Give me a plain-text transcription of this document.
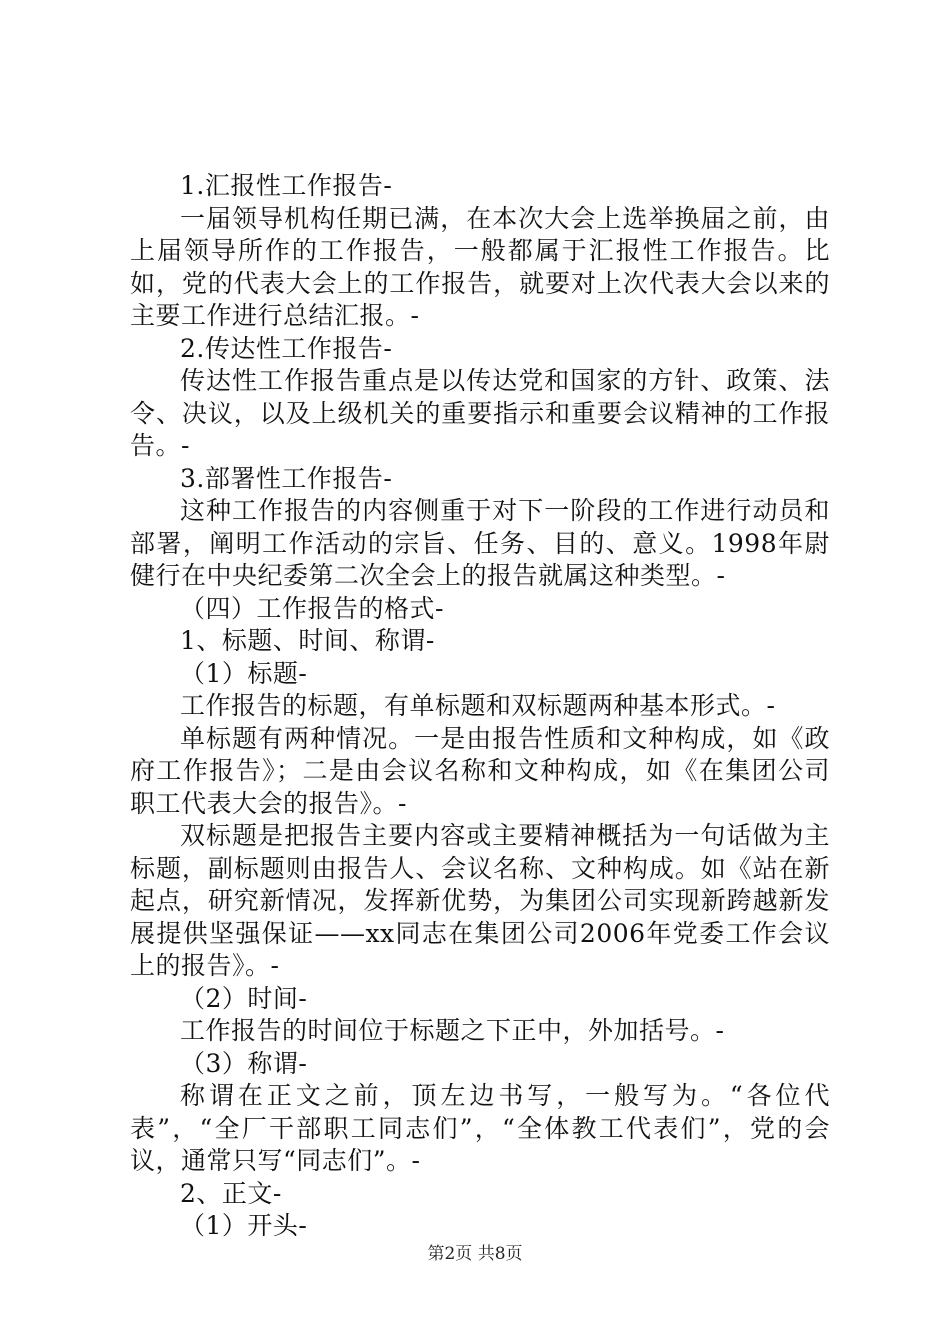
1.汇报性工作报告-

一届领导机构任期已满，在本次大会上选举换届之前，由上届领导所作的工作报告，一般都属于汇报性工作报告。比如，党的代表大会上的工作报告，就要对上次代表大会以来的主要工作进行总结汇报。-

2.传达性工作报告-

传达性工作报告重点是以传达党和国家的方针、政策、法令、决议，以及上级机关的重要指示和重要会议精神的工作报告。-

3.部署性工作报告-

这种工作报告的内容侧重于对下一阶段的工作进行动员和部署，阐明工作活动的宗旨、任务、目的、意义。1998年尉健行在中央纪委第二次全会上的报告就属这种类型。-

（四）工作报告的格式-

1、标题、时间、称谓-

（1）标题-

工作报告的标题，有单标题和双标题两种基本形式。-

单标题有两种情况。一是由报告性质和文种构成，如《政府工作报告》；二是由会议名称和文种构成，如《在集团公司职工代表大会的报告》。-

双标题是把报告主要内容或主要精神概括为一句话做为主标题，副标题则由报告人、会议名称、文种构成。如《站在新起点，研究新情况，发挥新优势，为集团公司实现新跨越新发展提供坚强保证——xx同志在集团公司2006年党委工作会议上的报告》。-

（2）时间-

工作报告的时间位于标题之下正中，外加括号。-

（3）称谓-

称谓在正文之前，顶左边书写，一般写为。“各位代表”，“全厂干部职工同志们”，“全体教工代表们”，党的会议，通常只写“同志们”。-

2、正文-

（1）开头-

第2页 共8页
